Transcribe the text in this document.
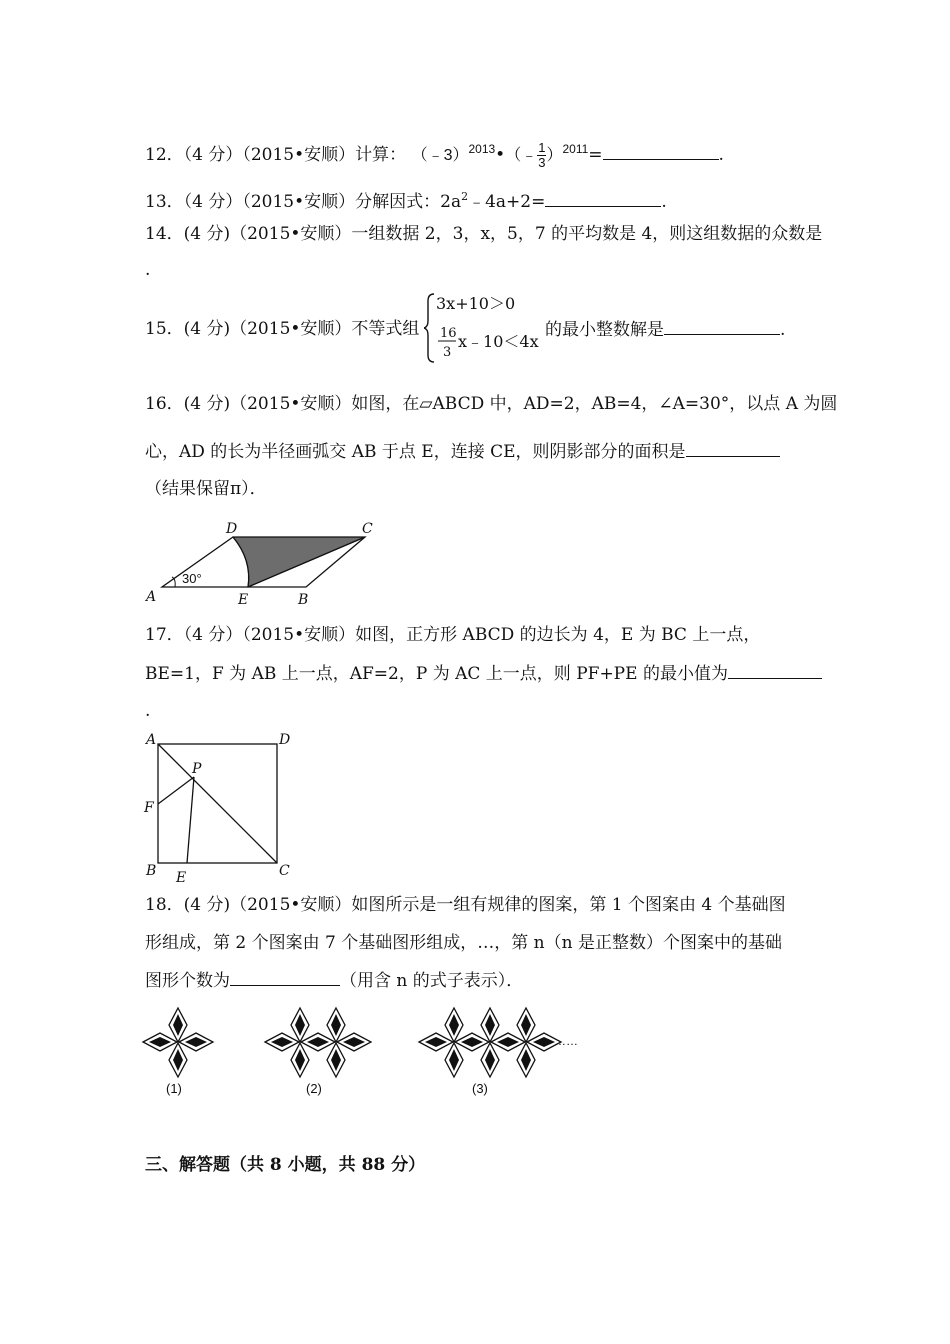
12．（4 分）（2015•安顺）计算： （﹣3）$^{2013}$•（﹣ $\frac{1}{3} )^{2011}=$	.
13．（4 分）（2015•安顺）分解因式：$2a^2﹣4a+2=$	.
14．(4 分)（2015•安顺）一组数据 2，3，x，5，7 的平均数是 4，则这组数据的众数是
.
15．(4 分)（2015•安顺）不等式组
3x+10＞0
16
3
x﹣10＜4x
的最小整数解是	.
16．(4 分)（2015•安顺）如图，在▱ABCD 中，AD=2，AB=4，∠A=30°，以点 A 为圆
心，AD 的长为半径画弧交 AB 于点 E，连接 CE，则阴影部分的面积是
（结果保留π）．
30°
A
D	C
E	B
17．（4 分）（2015•安顺）如图，正方形 ABCD 的边长为 4，E 为 BC 上一点，
BE=1，F 为 AB 上一点，AF=2，P 为 AC 上一点，则 PF+PE 的最小值为
.
A	D
P
F
B	C
E
18．(4 分)（2015•安顺）如图所示是一组有规律的图案，第 1 个图案由 4 个基础图
形组成，第 2 个图案由 7 个基础图形组成，…，第 n（n 是正整数）个图案中的基础
图形个数为	（用含 n 的式子表示）．
……
(1)	(2)	(3)
三、解答题（共 8 小题，共 88 分）
